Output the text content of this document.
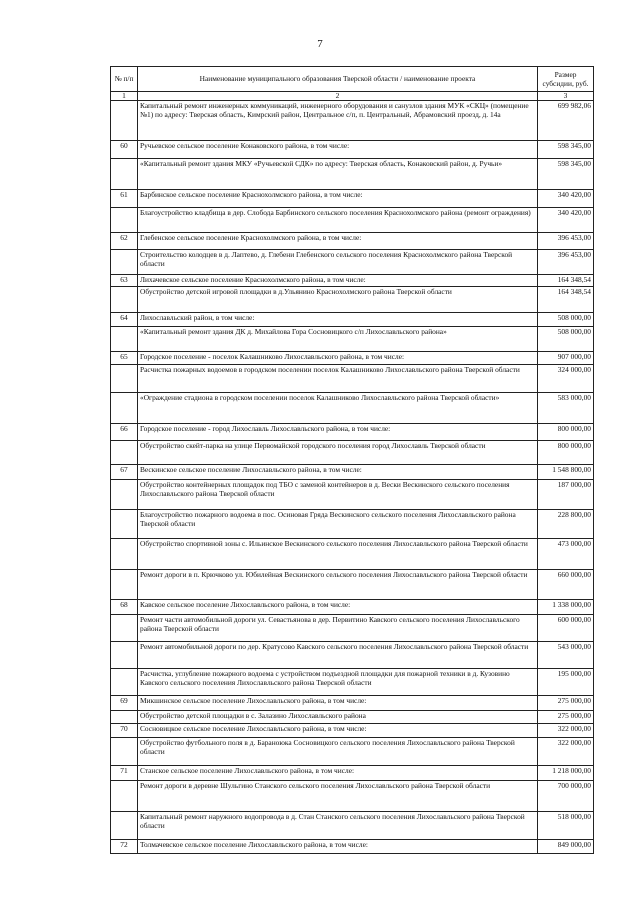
7
№ п/п	Наименование муниципального образования Тверской области / наименование проекта	Размер субсидии, руб.
1	2	3
	Капитальный ремонт инженерных коммуникаций, инженерного оборудования и санузлов здания МУК «СКЦ» (помещение №1) по адресу: Тверская область, Кимрский район, Центральное с/п, п. Центральный, Абрамовский проезд, д. 14а	699 982,06
60	Ручьевское сельское поселение Конаковского района, в том числе:	598 345,00
	«Капитальный ремонт здания МКУ «Ручьевской СДК» по адресу: Тверская область, Конаковский район, д. Ручьи»	598 345,00
61	Барбинское сельское поселение Краснохолмского района, в том числе:	340 420,00
	Благоустройство кладбища в дер. Слобода Барбинского сельского поселения Краснохолмского района (ремонт ограждения)	340 420,00
62	Глебенское сельское поселение Краснохолмского района, в том числе:	396 453,00
	Строительство колодцев в д. Лаптево, д. Глебени Глебенского сельского поселения Краснохолмского района Тверской области	396 453,00
63	Лихачевское сельское поселение Краснохолмского района, в том числе:	164 348,54
	Обустройство детской игровой площадки в д.Ульянино Краснохолмского района Тверской области	164 348,54
64	Лихославльский район, в том числе:	508 000,00
	«Капитальный ремонт здания ДК д. Михайлова Гора Сосновицкого с/п Лихославльского района»	508 000,00
65	Городское поселение - поселок Калашниково Лихославльского района, в том числе:	907 000,00
	Расчистка пожарных водоемов в городском поселении поселок Калашниково Лихославльского района Тверской области	324 000,00
	«Ограждение стадиона в городском поселении поселок Калашниково Лихославльского района Тверской области»	583 000,00
66	Городское поселение - город Лихославль Лихославльского района, в том числе:	800 000,00
	Обустройство скейт-парка на улице Первомайской городского поселения город Лихославль Тверской области	800 000,00
67	Вескинское сельское поселение Лихославльского района, в том числе:	1 548 800,00
	Обустройство контейнерных площадок под ТБО с заменой контейнеров в д. Вески Вескинского сельского поселения Лихославльского района Тверской области	187 000,00
	Благоустройство пожарного водоема в пос. Осиновая Гряда Вескинского сельского поселения Лихославльского района Тверской области	228 800,00
	Обустройство спортивной зоны с. Ильинское Вескинского сельского поселения Лихославльского района Тверской области	473 000,00
	Ремонт дороги в п. Крючково ул. Юбилейная Вескинского сельского поселения Лихославльского района Тверской области	660 000,00
68	Кавское сельское поселение Лихославльского района, в том числе:	1 338 000,00
	Ремонт части автомобильной дороги ул. Севастьянова в дер. Первитино Кавского сельского поселения Лихославльского района Тверской области	600 000,00
	Ремонт автомобильной дороги по дер. Кратусово Кавского сельского поселения Лихославльского района Тверской области	543 000,00
	Расчистка, углубление пожарного водоема с устройством подъездной площадки для пожарной техники в д. Кузовино Кавского сельского поселения Лихославльского района Тверской области	195 000,00
69	Микшинское сельское поселение Лихославльского района, в том числе:	275 000,00
	Обустройство детской площадки в с. Залазино Лихославльского района	275 000,00
70	Сосновицкое сельское поселение Лихославльского района, в том числе:	322 000,00
	Обустройство футбольного поля в д. Бараноюка Сосновицкого сельского поселения Лихославльского района Тверской области	322 000,00
71	Станское сельское поселение Лихославльского района, в том числе:	1 218 000,00
	Ремонт дороги в деревне Шульгино Станского сельского поселения Лихославльского района Тверской области	700 000,00
	Капитальный ремонт наружного водопровода в д. Стан Станского сельского поселения Лихославльского района Тверской области	518 000,00
72	Толмачевское сельское поселение Лихославльского района, в том числе:	849 000,00
